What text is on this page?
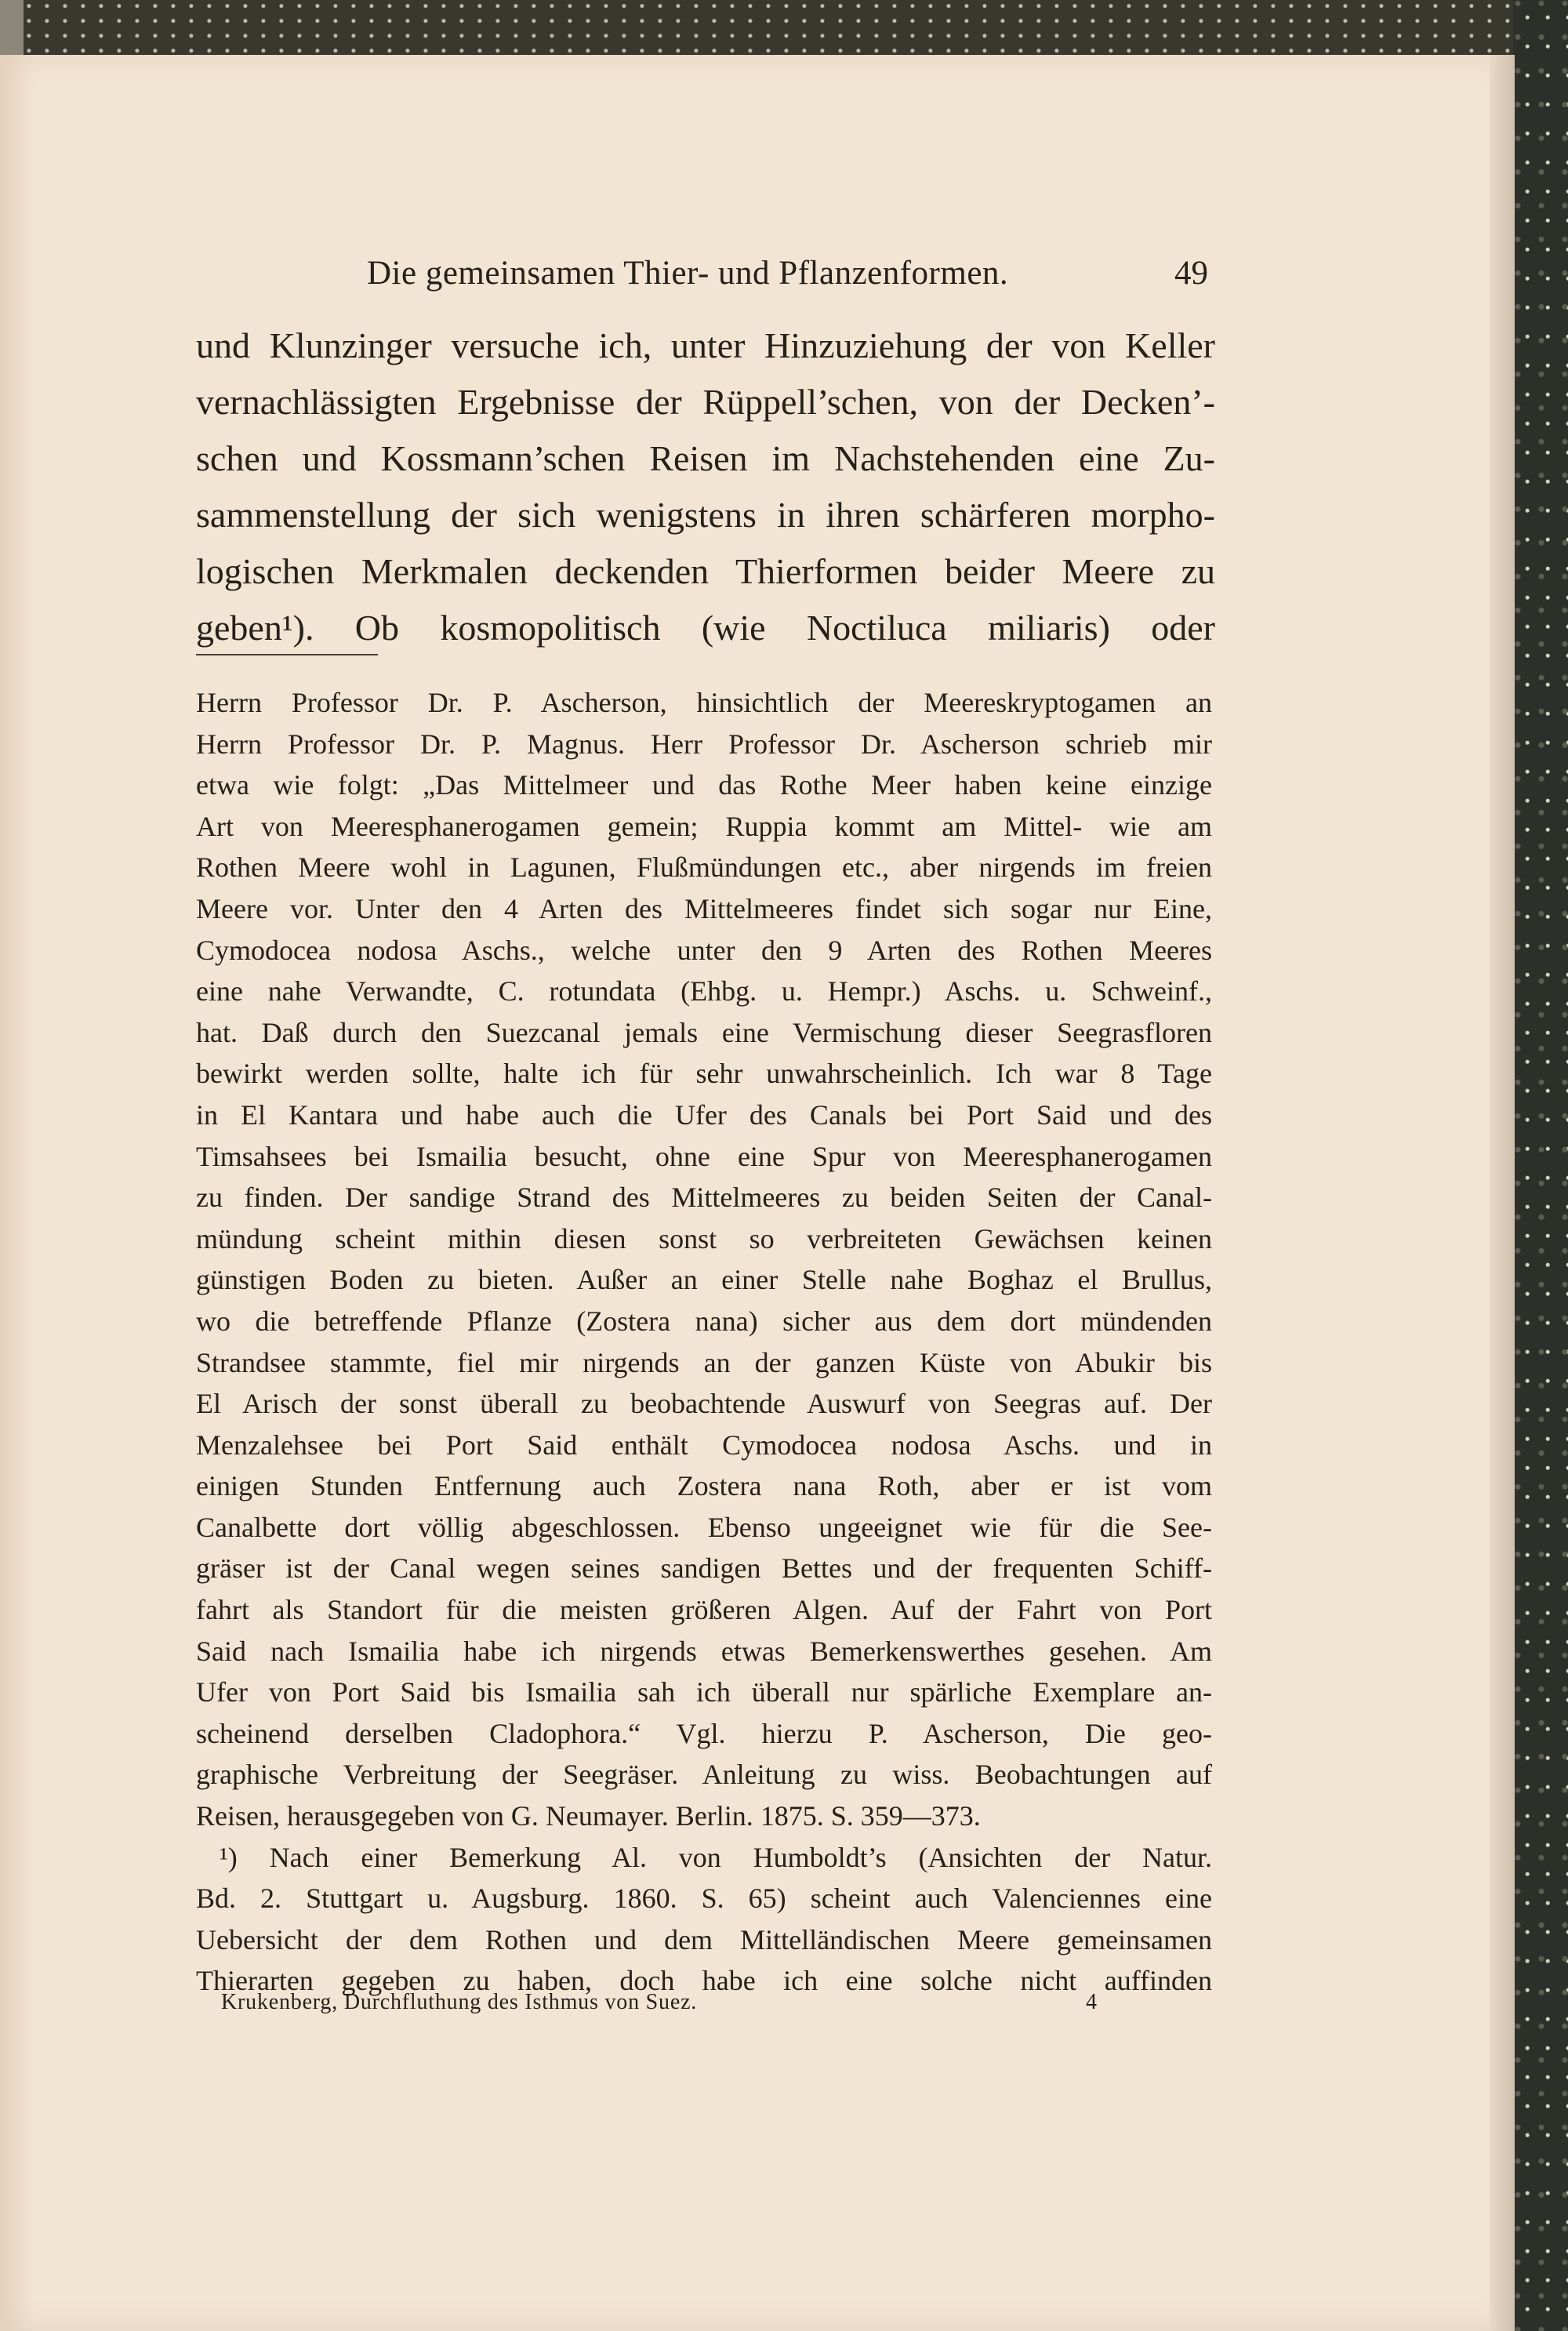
Die gemeinsamen Thier- und Pflanzenformen.	49
und Klunzinger versuche ich, unter Hinzuziehung der von Keller
vernachlässigten Ergebnisse der Rüppell’schen, von der Decken’-
schen und Kossmann’schen Reisen im Nachstehenden eine Zu-
sammenstellung der sich wenigstens in ihren schärferen morpho-
logischen Merkmalen deckenden Thierformen beider Meere zu
geben¹). Ob kosmopolitisch (wie Noctiluca miliaris) oder
Herrn Professor Dr. P. Ascherson, hinsichtlich der Meereskryptogamen an
Herrn Professor Dr. P. Magnus. Herr Professor Dr. Ascherson schrieb mir
etwa wie folgt: „Das Mittelmeer und das Rothe Meer haben keine einzige
Art von Meeresphanerogamen gemein; Ruppia kommt am Mittel- wie am
Rothen Meere wohl in Lagunen, Flußmündungen etc., aber nirgends im freien
Meere vor. Unter den 4 Arten des Mittelmeeres findet sich sogar nur Eine,
Cymodocea nodosa Aschs., welche unter den 9 Arten des Rothen Meeres
eine nahe Verwandte, C. rotundata (Ehbg. u. Hempr.) Aschs. u. Schweinf.,
hat. Daß durch den Suezcanal jemals eine Vermischung dieser Seegrasfloren
bewirkt werden sollte, halte ich für sehr unwahrscheinlich. Ich war 8 Tage
in El Kantara und habe auch die Ufer des Canals bei Port Said und des
Timsahsees bei Ismailia besucht, ohne eine Spur von Meeresphanerogamen
zu finden. Der sandige Strand des Mittelmeeres zu beiden Seiten der Canal-
mündung scheint mithin diesen sonst so verbreiteten Gewächsen keinen
günstigen Boden zu bieten. Außer an einer Stelle nahe Boghaz el Brullus,
wo die betreffende Pflanze (Zostera nana) sicher aus dem dort mündenden
Strandsee stammte, fiel mir nirgends an der ganzen Küste von Abukir bis
El Arisch der sonst überall zu beobachtende Auswurf von Seegras auf. Der
Menzalehsee bei Port Said enthält Cymodocea nodosa Aschs. und in
einigen Stunden Entfernung auch Zostera nana Roth, aber er ist vom
Canalbette dort völlig abgeschlossen. Ebenso ungeeignet wie für die See-
gräser ist der Canal wegen seines sandigen Bettes und der frequenten Schiff-
fahrt als Standort für die meisten größeren Algen. Auf der Fahrt von Port
Said nach Ismailia habe ich nirgends etwas Bemerkenswerthes gesehen. Am
Ufer von Port Said bis Ismailia sah ich überall nur spärliche Exemplare an-
scheinend derselben Cladophora.“ Vgl. hierzu P. Ascherson, Die geo-
graphische Verbreitung der Seegräser. Anleitung zu wiss. Beobachtungen auf
Reisen, herausgegeben von G. Neumayer. Berlin. 1875. S. 359—373.
¹) Nach einer Bemerkung Al. von Humboldt’s (Ansichten der Natur.
Bd. 2. Stuttgart u. Augsburg. 1860. S. 65) scheint auch Valenciennes eine
Uebersicht der dem Rothen und dem Mittelländischen Meere gemeinsamen
Thierarten gegeben zu haben, doch habe ich eine solche nicht auffinden
Krukenberg, Durchfluthung des Isthmus von Suez.	4
